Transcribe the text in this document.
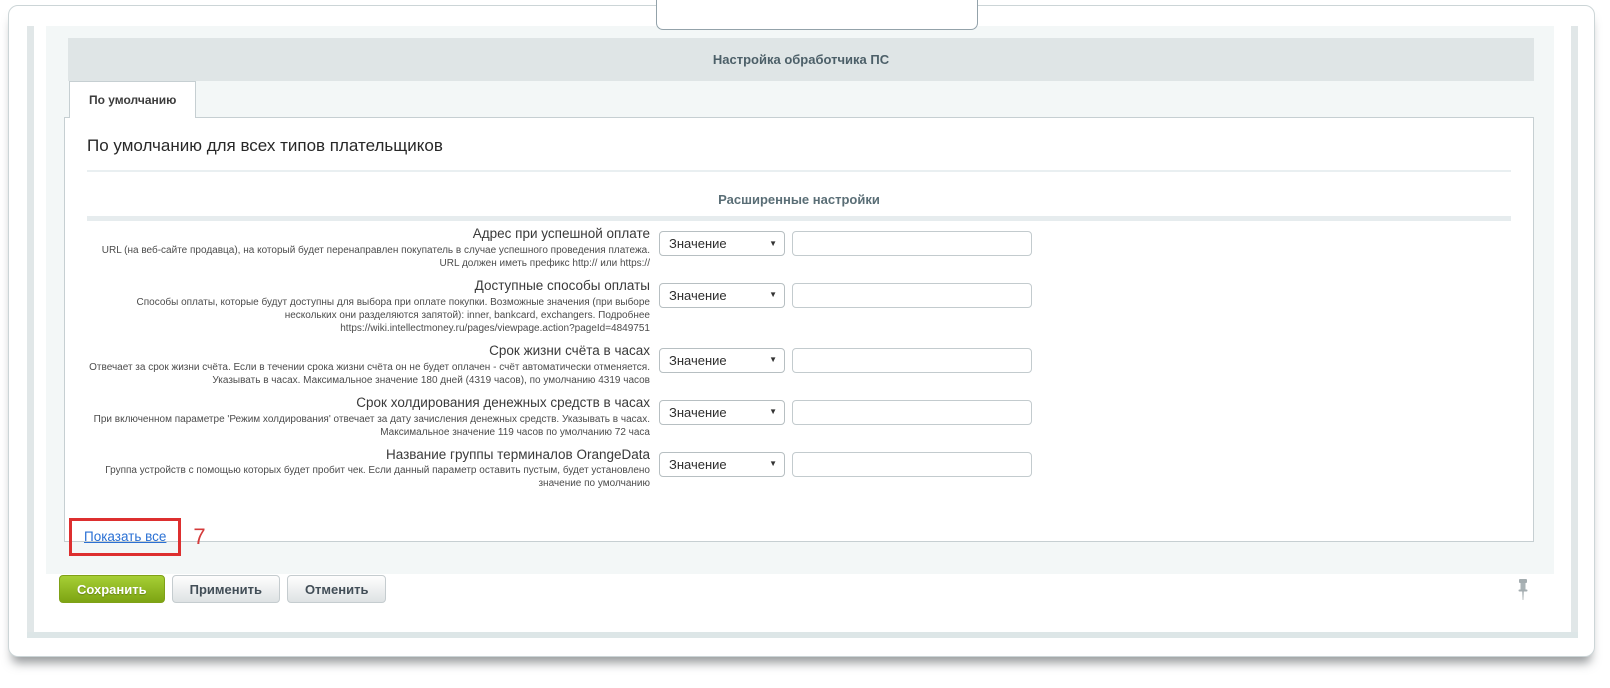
Настройка обработчика ПС
По умолчанию
По умолчанию для всех типов плательщиков
Расширенные настройки
Адрес при успешной оплате
URL (на веб-сайте продавца), на который будет перенаправлен покупатель в случае успешного проведения платежа. URL должен иметь префикс http:// или https://
Значение	▼
Доступные способы оплаты
Способы оплаты, которые будут доступны для выбора при оплате покупки. Возможные значения (при выборе нескольких они разделяются запятой): inner, bankcard, exchangers. Подробнее https://wiki.intellectmoney.ru/pages/viewpage.action?pageId=4849751
Значение	▼
Срок жизни счёта в часах
Отвечает за срок жизни счёта. Если в течении срока жизни счёта он не будет оплачен - счёт автоматически отменяется. Указывать в часах. Максимальное значение 180 дней (4319 часов), по умолчанию 4319 часов
Значение	▼
Срок холдирования денежных средств в часах
При включенном параметре 'Режим холдирования' отвечает за дату зачисления денежных средств. Указывать в часах. Максимальное значение 119 часов по умолчанию 72 часа
Значение	▼
Название группы терминалов OrangeData
Группа устройств с помощью которых будет пробит чек. Если данный параметр оставить пустым, будет установлено значение по умолчанию
Значение	▼
Показать все	7
Сохранить	Применить	Отменить
